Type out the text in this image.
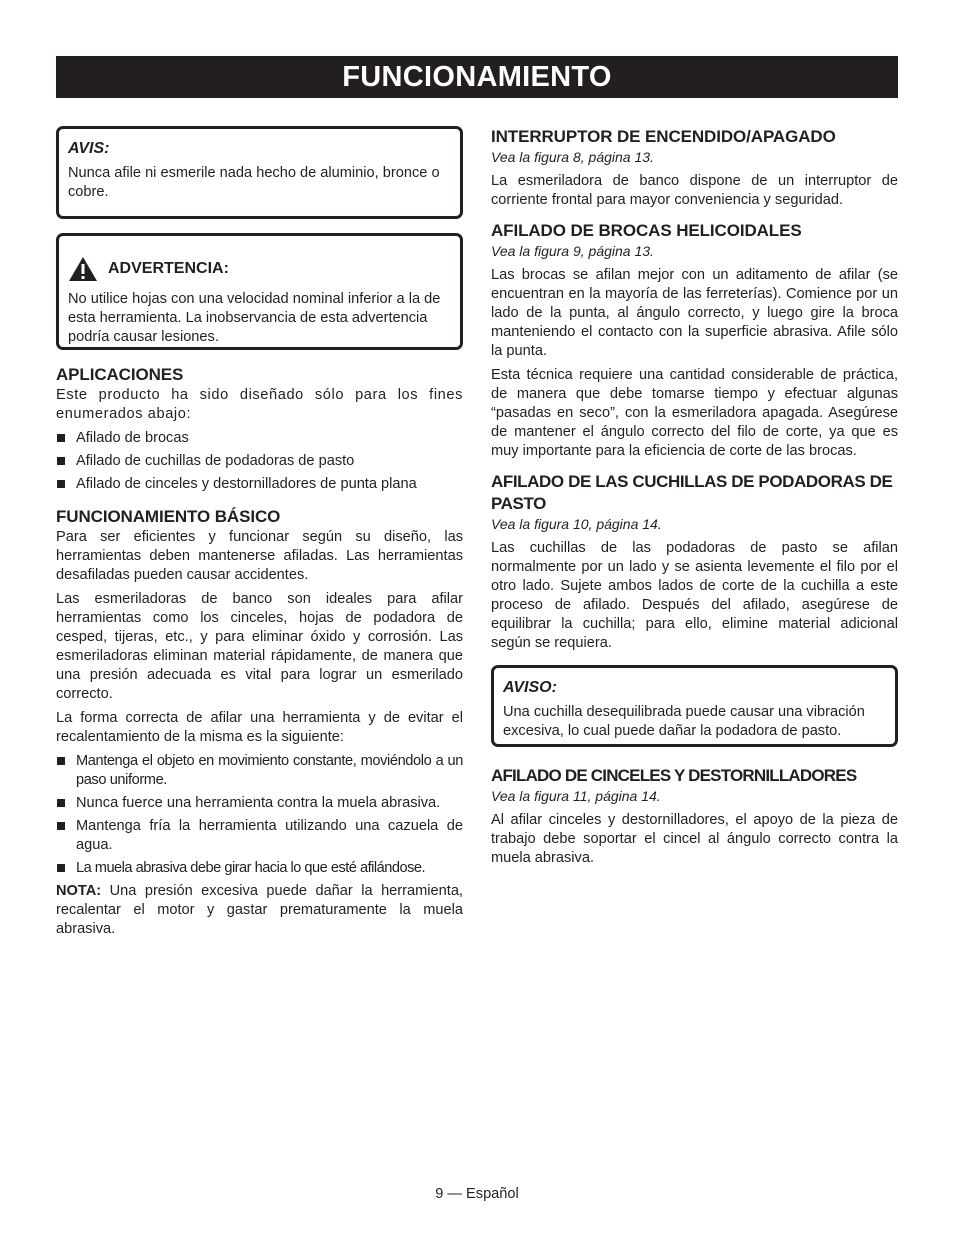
FUNCIONAMIENTO
AVIS:
Nunca afile ni esmerile nada hecho de aluminio, bronce o cobre.
ADVERTENCIA:
No utilice hojas con una velocidad nominal inferior a la de esta herramienta. La inobservancia de esta advertencia podría causar lesiones.
APLICACIONES

Este producto ha sido diseñado sólo para los fines enumerados abajo:

Afilado de brocas
Afilado de cuchillas de podadoras de pasto
Afilado de cinceles y destornilladores de punta plana
FUNCIONAMIENTO BÁSICO

Para ser eficientes y funcionar según su diseño, las herramientas deben mantenerse afiladas. Las herramientas desafiladas pueden causar accidentes.

Las esmeriladoras de banco son ideales para afilar herramientas como los cinceles, hojas de podadora de cesped, tijeras, etc., y para eliminar óxido y corrosión. Las esmeriladoras eliminan material rápidamente, de manera que una presión adecuada es vital para lograr un esmerilado correcto.

La forma correcta de afilar una herramienta y de evitar el recalentamiento de la misma es la siguiente:

Mantenga el objeto en movimiento constante, moviéndolo a un paso uniforme.
Nunca fuerce una herramienta contra la muela abrasiva.
Mantenga fría la herramienta utilizando una cazuela de agua.
La muela abrasiva debe girar hacia lo que esté afilándose.

NOTA: Una presión excesiva puede dañar la herramienta, recalentar el motor y gastar prematuramente la muela abrasiva.

INTERRUPTOR DE ENCENDIDO/APAGADO
Vea la figura 8, página 13.

La esmeriladora de banco dispone de un interruptor de corriente frontal para mayor conveniencia y seguridad.

AFILADO DE BROCAS HELICOIDALES
Vea la figura 9, página 13.

Las brocas se afilan mejor con un aditamento de afilar (se encuentran en la mayoría de las ferreterías). Comience por un lado de la punta, al ángulo correcto, y luego gire la broca manteniendo el contacto con la superficie abrasiva. Afile sólo la punta.

Esta técnica requiere una cantidad considerable de práctica, de manera que debe tomarse tiempo y efectuar algunas “pasadas en seco”, con la esmeriladora apagada. Asegúrese de mantener el ángulo correcto del filo de corte, ya que es muy importante para la eficiencia de corte de las brocas.

AFILADO DE LAS CUCHILLAS DE PODADORAS DE PASTO
Vea la figura 10, página 14.

Las cuchillas de las podadoras de pasto se afilan normalmente por un lado y se asienta levemente el filo por el otro lado. Sujete ambos lados de corte de la cuchilla a este proceso de afilado. Después del afilado, asegúrese de equilibrar la cuchilla; para ello, elimine material adicional según se requiera.

AVISO:
Una cuchilla desequilibrada puede causar una vibración excesiva, lo cual puede dañar la podadora de pasto.
AFILADO DE CINCELES Y DESTORNILLADORES
Vea la figura 11, página 14.

Al afilar cinceles y destornilladores, el apoyo de la pieza de trabajo debe soportar el cincel al ángulo correcto contra la muela abrasiva.

9 — Español
